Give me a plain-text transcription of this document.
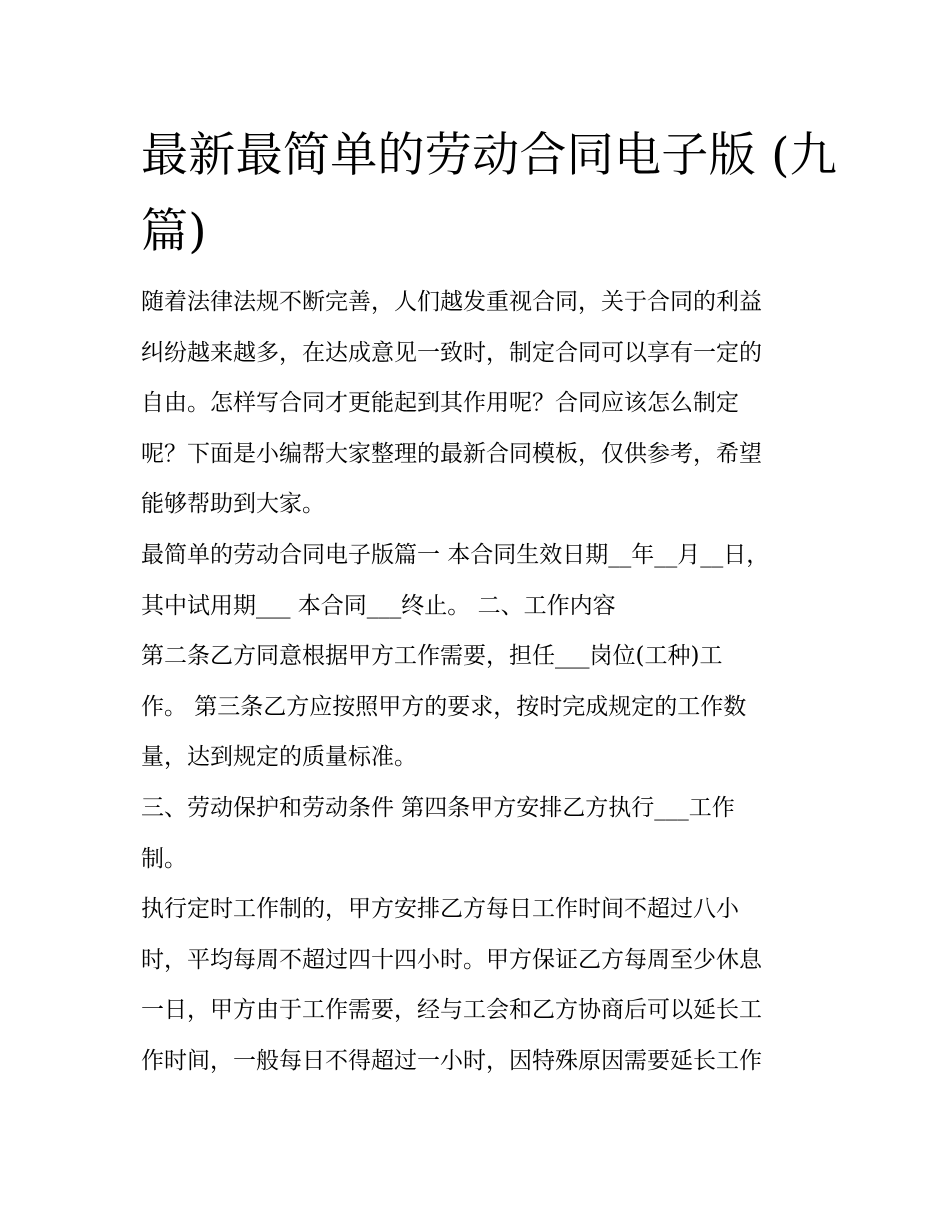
最新最简单的劳动合同电子版 (九篇)

随着法律法规不断完善，人们越发重视合同，关于合同的利益
纠纷越来越多，在达成意见一致时，制定合同可以享有一定的
自由。怎样写合同才更能起到其作用呢？合同应该怎么制定
呢？下面是小编帮大家整理的最新合同模板，仅供参考，希望
能够帮助到大家。

最简单的劳动合同电子版篇一 本合同生效日期__年__月__日，
其中试用期___ 本合同___终止。 二、工作内容

第二条乙方同意根据甲方工作需要，担任___岗位(工种)工
作。 第三条乙方应按照甲方的要求，按时完成规定的工作数
量，达到规定的质量标准。

三、劳动保护和劳动条件 第四条甲方安排乙方执行___工作
制。

执行定时工作制的，甲方安排乙方每日工作时间不超过八小
时，平均每周不超过四十四小时。甲方保证乙方每周至少休息
一日，甲方由于工作需要，经与工会和乙方协商后可以延长工
作时间，一般每日不得超过一小时，因特殊原因需要延长工作
